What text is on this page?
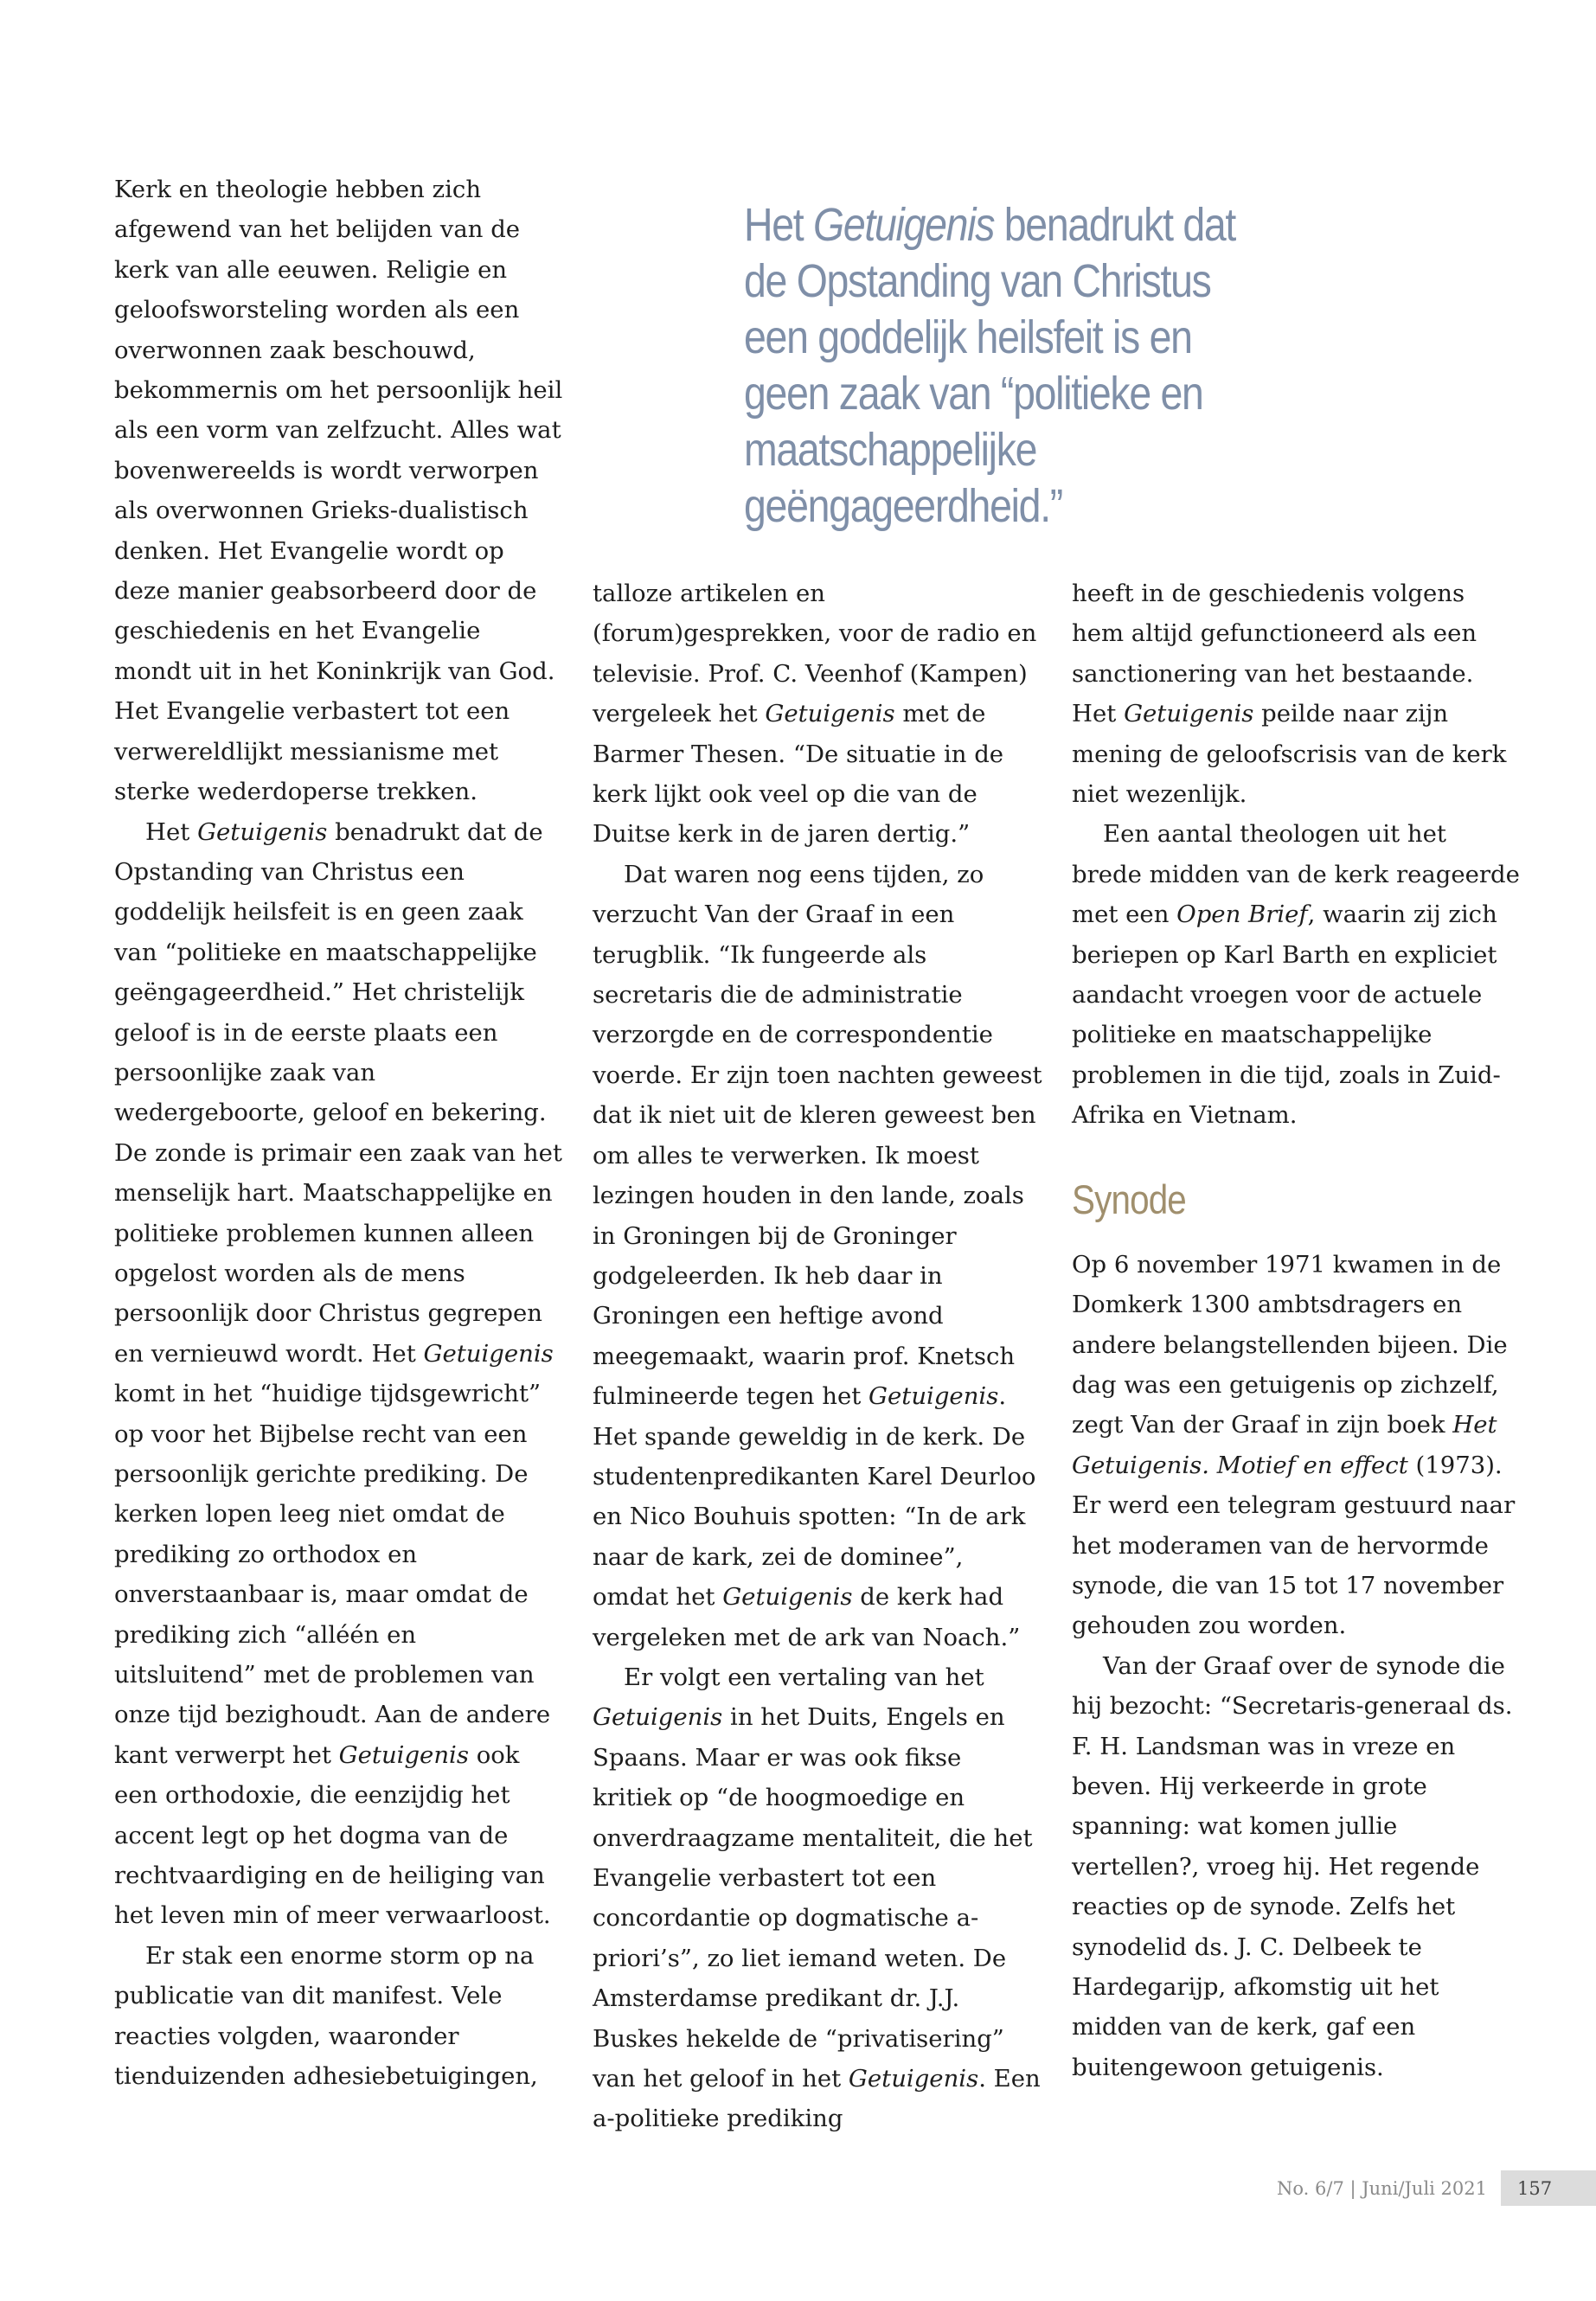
Het Getuigenis benadrukt dat de Opstanding van Christus een goddelijk heilsfeit is en geen zaak van “politieke en maatschappelijke geëngageerdheid.”

Kerk en theologie hebben zich afgewend van het belijden van de kerk van alle eeuwen. Religie en geloofsworsteling worden als een overwonnen zaak beschouwd, bekommernis om het persoonlijk heil als een vorm van zelfzucht. Alles wat bovenwereelds is wordt verworpen als overwonnen Grieks-dualistisch denken. Het Evangelie wordt op deze manier geabsorbeerd door de geschiedenis en het Evangelie mondt uit in het Koninkrijk van God. Het Evangelie verbastert tot een verwereldlijkt messianisme met sterke wederdoperse trekken.

Het Getuigenis benadrukt dat de Opstanding van Christus een goddelijk heilsfeit is en geen zaak van “politieke en maatschappelijke geëngageerdheid.” Het christelijk geloof is in de eerste plaats een persoonlijke zaak van wedergeboorte, geloof en bekering. De zonde is primair een zaak van het menselijk hart. Maatschappelijke en politieke problemen kunnen alleen opgelost worden als de mens persoonlijk door Christus gegrepen en vernieuwd wordt. Het Getuigenis komt in het “huidige tijdsgewricht” op voor het Bijbelse recht van een persoonlijk gerichte prediking. De kerken lopen leeg niet omdat de prediking zo orthodox en onverstaanbaar is, maar omdat de prediking zich “alléén en uitsluitend” met de problemen van onze tijd bezighoudt. Aan de andere kant verwerpt het Getuigenis ook een orthodoxie, die eenzijdig het accent legt op het dogma van de rechtvaardiging en de heiliging van het leven min of meer verwaarloost.

Er stak een enorme storm op na publicatie van dit manifest. Vele reacties volgden, waaronder tienduizenden adhesiebetuigingen,

talloze artikelen en (forum)gesprekken, voor de radio en televisie. Prof. C. Veenhof (Kampen) vergeleek het Getuigenis met de Barmer Thesen. “De situatie in de kerk lijkt ook veel op die van de Duitse kerk in de jaren dertig.”

Dat waren nog eens tijden, zo verzucht Van der Graaf in een terugblik. “Ik fungeerde als secretaris die de administratie verzorgde en de correspondentie voerde. Er zijn toen nachten geweest dat ik niet uit de kleren geweest ben om alles te verwerken. Ik moest lezingen houden in den lande, zoals in Groningen bij de Groninger godgeleerden. Ik heb daar in Groningen een heftige avond meegemaakt, waarin prof. Knetsch fulmineerde tegen het Getuigenis. Het spande geweldig in de kerk. De studentenpredikanten Karel Deurloo en Nico Bouhuis spotten: “In de ark naar de kark, zei de dominee”, omdat het Getuigenis de kerk had vergeleken met de ark van Noach.”

Er volgt een vertaling van het Getuigenis in het Duits, Engels en Spaans. Maar er was ook fikse kritiek op “de hoogmoedige en onverdraagzame mentaliteit, die het Evangelie verbastert tot een concordantie op dogmatische a-priori’s”, zo liet iemand weten. De Amsterdamse predikant dr. J.J. Buskes hekelde de “privatisering” van het geloof in het Getuigenis. Een a-politieke prediking

heeft in de geschiedenis volgens hem altijd gefunctioneerd als een sanctionering van het bestaande. Het Getuigenis peilde naar zijn mening de geloofscrisis van de kerk niet wezenlijk.

Een aantal theologen uit het brede midden van de kerk reageerde met een Open Brief, waarin zij zich beriepen op Karl Barth en expliciet aandacht vroegen voor de actuele politieke en maatschappelijke problemen in die tijd, zoals in Zuid-Afrika en Vietnam.

Synode

Op 6 november 1971 kwamen in de Domkerk 1300 ambtsdragers en andere belangstellenden bijeen. Die dag was een getuigenis op zichzelf, zegt Van der Graaf in zijn boek Het Getuigenis. Motief en effect (1973). Er werd een telegram gestuurd naar het moderamen van de hervormde synode, die van 15 tot 17 november gehouden zou worden.

Van der Graaf over de synode die hij bezocht: “Secretaris-generaal ds. F. H. Landsman was in vreze en beven. Hij verkeerde in grote spanning: wat komen jullie vertellen?, vroeg hij. Het regende reacties op de synode. Zelfs het synodelid ds. J. C. Delbeek te Hardegarijp, afkomstig uit het midden van de kerk, gaf een buitengewoon getuigenis.

No. 6/7 | Juni/Juli 2021	157
